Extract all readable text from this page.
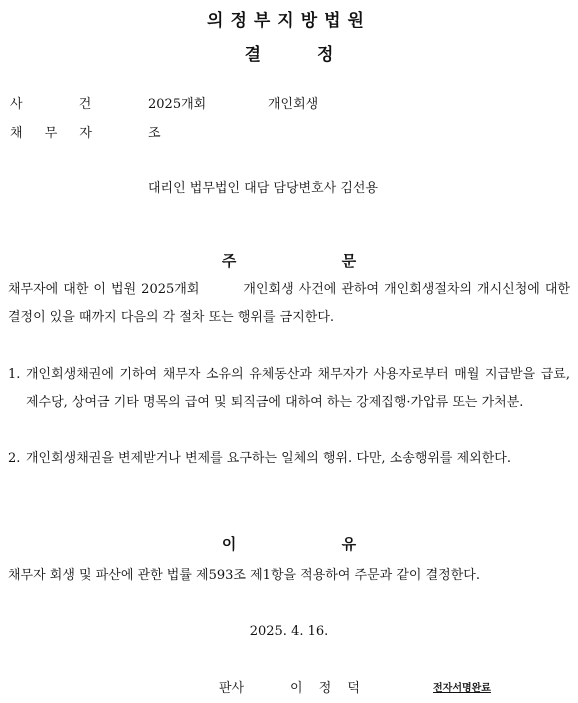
의정부지방법원
결정
사 건	2025개회	개인회생
채 무 자	조
대리인 법무법인 대담 담당변호사 김선용
주 문
채무자에 대한 이 법원 2025개회	개인회생 사건에 관하여 개인회생절차의 개시신청에 대한 결정이 있을 때까지 다음의 각 절차 또는 행위를 금지한다.
1. 개인회생채권에 기하여 채무자 소유의 유체동산과 채무자가 사용자로부터 매월 지급받을 급료, 제수당, 상여금 기타 명목의 급여 및 퇴직금에 대하여 하는 강제집행·가압류 또는 가처분.
2. 개인회생채권을 변제받거나 변제를 요구하는 일체의 행위. 다만, 소송행위를 제외한다.
이 유
채무자 회생 및 파산에 관한 법률 제593조 제1항을 적용하여 주문과 같이 결정한다.
2025. 4. 16.
판사	이 정 덕	전자서명완료
